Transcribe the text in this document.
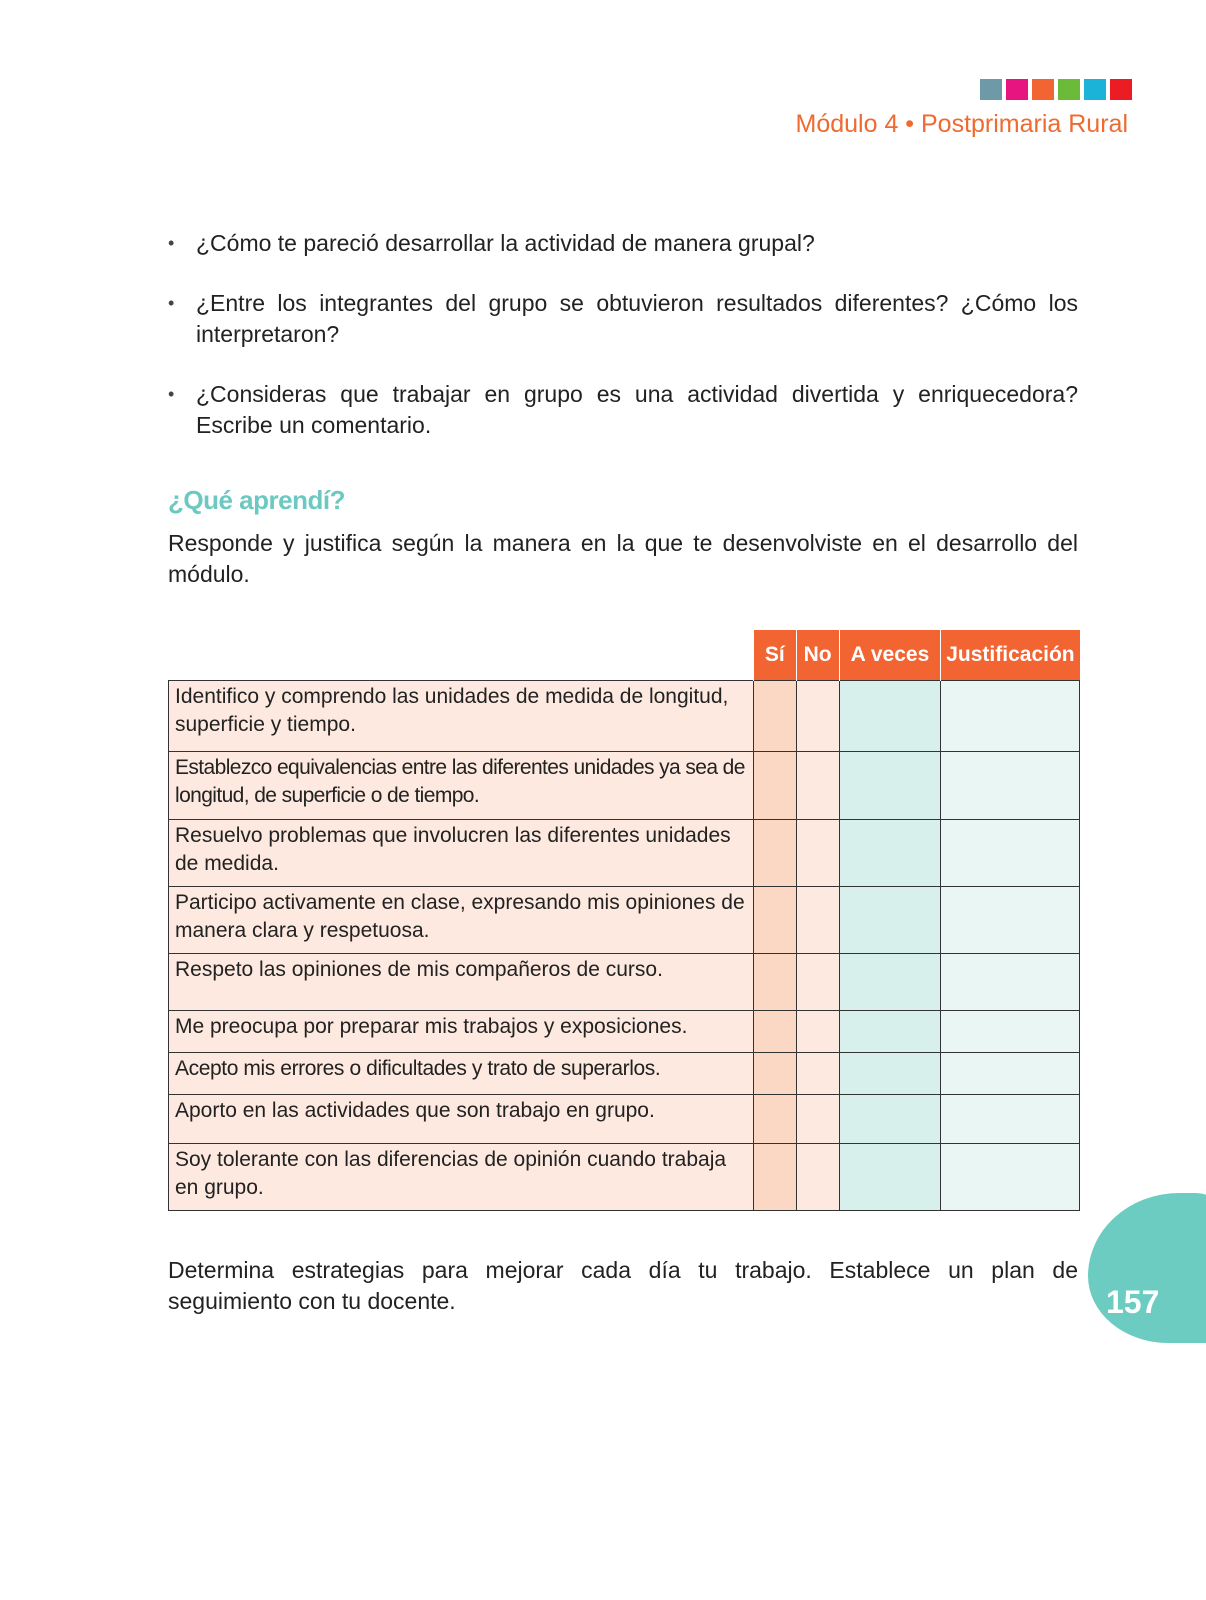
Módulo 4 • Postprimaria Rural
• ¿Cómo te pareció desarrollar la actividad de manera grupal?
• ¿Entre los integrantes del grupo se obtuvieron resultados diferentes? ¿Cómo los interpretaron?
• ¿Consideras que trabajar en grupo es una actividad divertida y enriquecedora? Escribe un comentario.
¿Qué aprendí?
Responde y justifica según la manera en la que te desenvolviste en el desarrollo del módulo.
	Sí	No	A veces	Justificación
Identifico y comprendo las unidades de medida de longitud, superficie y tiempo.				
Establezco equivalencias entre las diferentes unidades ya sea de longitud, de superficie o de tiempo.				
Resuelvo problemas que involucren las diferentes unidades de medida.				
Participo activamente en clase, expresando mis opiniones de manera clara y respetuosa.				
Respeto las opiniones de mis compañeros de curso.				
Me preocupa por preparar mis trabajos y exposiciones.				
Acepto mis errores o dificultades y trato de superarlos.				
Aporto en las actividades que son trabajo en grupo.				
Soy tolerante con las diferencias de opinión cuando trabaja en grupo.				
Determina estrategias para mejorar cada día tu trabajo. Establece un plan de seguimiento con tu docente.	157
